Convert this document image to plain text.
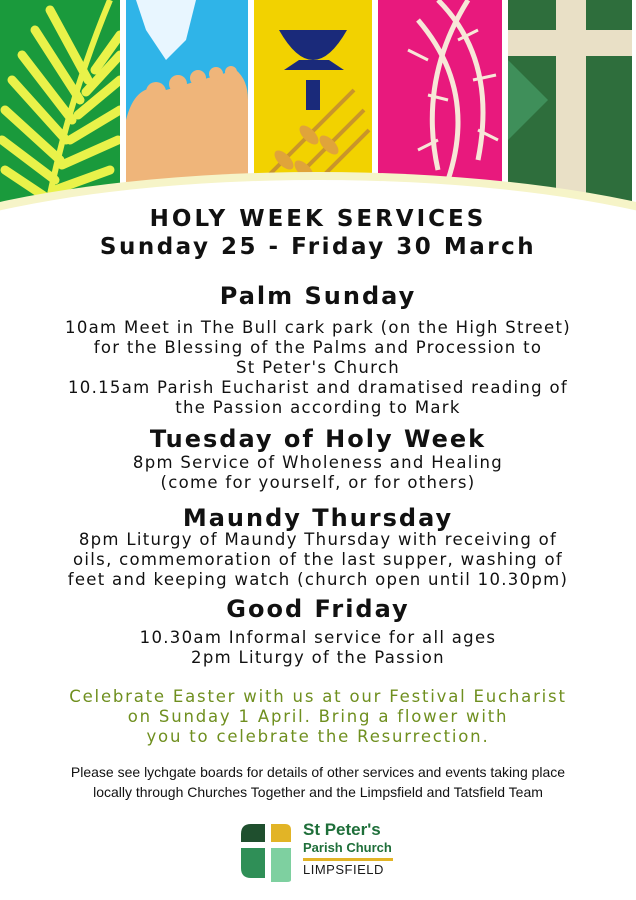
HOLY WEEK SERVICES
Sunday 25 - Friday 30 March
Palm Sunday
10am Meet in The Bull cark park (on the High Street)
for the Blessing of the Palms and Procession to
St Peter's Church
10.15am Parish Eucharist and dramatised reading of
the Passion according to Mark
Tuesday of Holy Week
8pm Service of Wholeness and Healing
(come for yourself, or for others)
Maundy Thursday
8pm Liturgy of Maundy Thursday with receiving of
oils, commemoration of the last supper, washing of
feet and keeping watch (church open until 10.30pm)
Good Friday
10.30am Informal service for all ages
2pm Liturgy of the Passion
Celebrate Easter with us at our Festival Eucharist
on Sunday 1 April. Bring a flower with
you to celebrate the Resurrection.
Please see lychgate boards for details of other services and events taking place
locally through Churches Together and the Limpsfield and Tatsfield Team
St Peter's
Parish Church
LIMPSFIELD
